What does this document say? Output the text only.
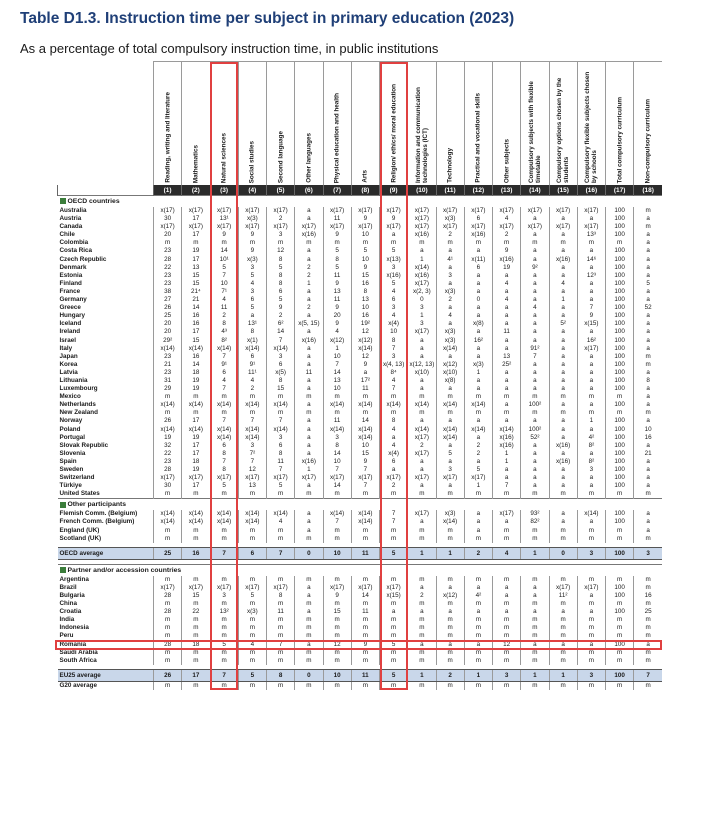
Table D1.3. Instruction time per subject in primary education (2023)
As a percentage of total compulsory instruction time, in public institutions

	Reading, writing and literature	Mathematics	Natural sciences	Social studies	Second language	Other languages	Physical education and health	Arts	Religion/ ethics/ moral education	Information and communication technologies (ICT)	Technology	Practical and vocational skills	Other subjects	Compulsory subjects with flexible timetable	Compulsory options chosen by the students	Compulsory flexible subjects chosen by schools	Total compulsory curriculum	Non-compulsory curriculum

	(1)	(2)	(3)	(4)	(5)	(6)	(7)	(8)	(9)	(10)	(11)	(12)	(13)	(14)	(15)	(16)	(17)	(18)
OECD countries																		
Australia	x(17)	x(17)	x(17)	x(17)	x(17)	a	x(17)	x(17)	x(17)	x(17)	x(17)	x(17)	x(17)	x(17)	x(17)	x(17)	100	m
Austria	30	17	13¹	x(3)	2	a	11	9	9	x(17)	x(3)	6	4	a	a	a	100	a
Canada	x(17)	x(17)	x(17)	x(17)	x(17)	x(17)	x(17)	x(17)	x(17)	x(17)	x(17)	x(17)	x(17)	x(17)	x(17)	x(17)	100	m
Chile	20	17	9	9	3	x(16)	9	10	a	x(16)	2	x(16)	2	a	a	13³	100	a
Colombia	m	m	m	m	m	m	m	m	m	m	m	m	m	m	m	m	m	a
Costa Rica	23	19	14	9	12	a	5	5	5	a	a	a	9	a	a	a	100	a
Czech Republic	28	17	10¹	x(3)	8	a	8	10	x(13)	1	4¹	x(11)	x(16)	a	x(16)	14⁶	100	a
Denmark	22	13	5	3	5	2	5	9	3	x(14)	a	6	19	9²	a	a	100	a
Estonia	23	15	7	5	8	2	11	15	x(16)	x(16)	3	a	a	a	a	12³	100	a
Finland	23	15	10	4	8	1	9	16	5	x(17)	a	a	4	a	4	a	100	5
France	38	21⁴	7¹	3	6	a	13	8	4	x(2, 3)	x(3)	a	a	a	a	a	100	a
Germany	27	21	4	6	5	a	11	13	6	0	2	0	4	a	1	a	100	a
Greece	26	14	11	5	9	2	9	10	3	3	a	a	a	4	a	7	100	52
Hungary	25	16	2	a	2	a	20	16	4	1	4	a	a	a	a	9	100	a
Iceland	20	16	8	13¹	6²	x(5, 15)	9	19²	x(4)	3	a	x(8)	a	a	5²	x(15)	100	a
Ireland	20	17	4³	8	14	a	4	12	10	x(17)	x(3)	a	11	a	a	a	100	a
Israel	29²	15	8²	x(1)	7	x(16)	x(12)	x(12)	8	a	x(3)	16²	a	a	a	16²	100	a
Italy	x(14)	x(14)	x(14)	x(14)	x(14)	a	1	x(14)	7	a	x(14)	a	a	91²	a	x(17)	100	a
Japan	23	16	7	6	3	a	10	12	3	a	a	a	13	7	a	a	100	m
Korea	21	14	9¹	9¹	6	a	7	9	x(4, 13)	x(12, 13)	x(12)	x(3)	25²	a	a	a	100	m
Latvia	23	18	6	11¹	x(5)	11	14	a	8⁴	x(10)	x(10)	1	a	a	a	a	100	a
Lithuania	31	19	4	4	8	a	13	17²	4	a	x(8)	a	a	a	a	a	100	8
Luxembourg	29	19	7	2	15	a	10	11	7	a	a	a	a	a	a	a	100	a
Mexico	m	m	m	m	m	m	m	m	m	m	m	m	m	m	m	m	m	a
Netherlands	x(14)	x(14)	x(14)	x(14)	x(14)	a	x(14)	x(14)	x(14)	x(14)	x(14)	x(14)	a	100²	a	a	100	a
New Zealand	m	m	m	m	m	m	m	m	m	m	m	m	m	m	m	m	m	m
Norway	26	17	7	7	7	a	11	14	8	a	a	a	a	a	a	1	100	a
Poland	x(14)	x(14)	x(14)	x(14)	x(14)	a	x(14)	x(14)	4	x(14)	x(14)	x(14)	x(14)	100²	a	a	100	10
Portugal	19	19	x(14)	x(14)	3	a	3	x(14)	a	x(17)	x(14)	a	x(16)	52²	a	4²	100	16
Slovak Republic	32	17	6	3	6	a	8	10	4	2	a	2	x(16)	a	x(16)	8²	100	a
Slovenia	22	17	8	7²	8	a	14	15	x(4)	x(17)	5	2	1	a	a	a	100	21
Spain	23	18	7	7	11	x(16)	10	9	6	a	a	a	1	a	x(16)	8²	100	a
Sweden	28	19	8	12	7	1	7	7	a	a	3	5	a	a	a	3	100	a
Switzerland	x(17)	x(17)	x(17)	x(17)	x(17)	x(17)	x(17)	x(17)	x(17)	x(17)	x(17)	x(17)	a	a	a	a	100	a
Türkiye	30	17	5	13	5	a	14	7	2	a	a	1	7	a	a	a	100	a
United States	m	m	m	m	m	m	m	m	m	m	m	m	m	m	m	m	m	m
Other participants																		
Flemish Comm. (Belgium)	x(14)	x(14)	x(14)	x(14)	x(14)	a	x(14)	x(14)	7	x(17)	x(3)	a	x(17)	93²	a	x(14)	100	a
French Comm. (Belgium)	x(14)	x(14)	x(14)	x(14)	4	a	7	x(14)	7	a	x(14)	a	a	82²	a	a	100	a
England (UK)	m	m	m	m	m	a	m	m	m	m	m	a	m	m	m	m	m	a
Scotland (UK)	m	m	m	m	m	m	m	m	m	m	m	m	m	m	m	m	m	m

OECD average	25	16	7	6	7	0	10	11	5	1	1	2	4	1	0	3	100	3

Partner and/or accession countries																		
Argentina	m	m	m	m	m	m	m	m	m	m	m	m	m	m	m	m	m	m
Brazil	x(17)	x(17)	x(17)	x(17)	x(17)	a	x(17)	x(17)	x(17)	a	a	a	a	a	x(17)	x(17)	100	m
Bulgaria	28	15	3	5	8	a	9	14	x(15)	2	x(12)	4²	a	a	11²	a	100	16
China	m	m	m	m	m	m	m	m	m	m	m	m	m	m	m	m	m	m
Croatia	28	22	13²	x(3)	11	a	15	11	a	a	a	a	a	a	a	a	100	25
India	m	m	m	m	m	m	m	m	m	m	m	m	m	m	m	m	m	m
Indonesia	m	m	m	m	m	m	m	m	m	m	m	m	m	m	m	m	m	m
Peru	m	m	m	m	m	m	m	m	m	m	m	m	m	m	m	m	m	m
Romania	28	18	5	4	7	a	12	9	5	a	a	a	12	a	a	a	100	a
Saudi Arabia	m	m	m	m	m	m	m	m	m	m	m	m	m	m	m	m	m	m
South Africa	m	m	m	m	m	m	m	m	m	m	m	m	m	m	m	m	m	m

EU25 average	26	17	7	5	8	0	10	11	5	1	2	1	3	1	1	3	100	7
G20 average	m	m	m	m	m	m	m	m	m	m	m	m	m	m	m	m	m	m
